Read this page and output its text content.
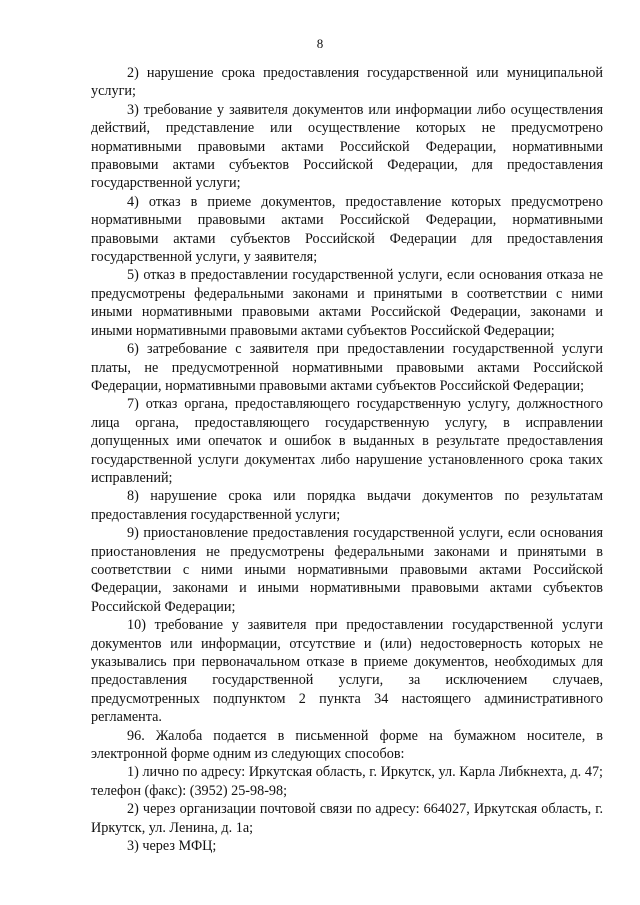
8

2) нарушение срока предоставления государственной или муниципальной услуги;

3) требование у заявителя документов или информации либо осуществления действий, представление или осуществление которых не предусмотрено нормативными правовыми актами Российской Федерации, нормативными правовыми актами субъектов Российской Федерации, для предоставления государственной услуги;

4) отказ в приеме документов, предоставление которых предусмотрено нормативными правовыми актами Российской Федерации, нормативными правовыми актами субъектов Российской Федерации для предоставления государственной услуги, у заявителя;

5) отказ в предоставлении государственной услуги, если основания отказа не предусмотрены федеральными законами и принятыми в соответствии с ними иными нормативными правовыми актами Российской Федерации, законами и иными нормативными правовыми актами субъектов Российской Федерации;

6) затребование с заявителя при предоставлении государственной услуги платы, не предусмотренной нормативными правовыми актами Российской Федерации, нормативными правовыми актами субъектов Российской Федерации;

7) отказ органа, предоставляющего государственную услугу, должностного лица органа, предоставляющего государственную услугу, в исправлении допущенных ими опечаток и ошибок в выданных в результате предоставления государственной услуги документах либо нарушение установленного срока таких исправлений;

8) нарушение срока или порядка выдачи документов по результатам предоставления государственной услуги;

9) приостановление предоставления государственной услуги, если основания приостановления не предусмотрены федеральными законами и принятыми в соответствии с ними иными нормативными правовыми актами Российской Федерации, законами и иными нормативными правовыми актами субъектов Российской Федерации;

10) требование у заявителя при предоставлении государственной услуги документов или информации, отсутствие и (или) недостоверность которых не указывались при первоначальном отказе в приеме документов, необходимых для предоставления государственной услуги, за исключением случаев, предусмотренных подпунктом 2 пункта 34 настоящего административного регламента.

96. Жалоба подается в письменной форме на бумажном носителе, в электронной форме одним из следующих способов:

1) лично по адресу: Иркутская область, г. Иркутск, ул. Карла Либкнехта, д. 47; телефон (факс): (3952) 25-98-98;

2) через организации почтовой связи по адресу: 664027, Иркутская область, г. Иркутск, ул. Ленина, д. 1а;

3) через МФЦ;
